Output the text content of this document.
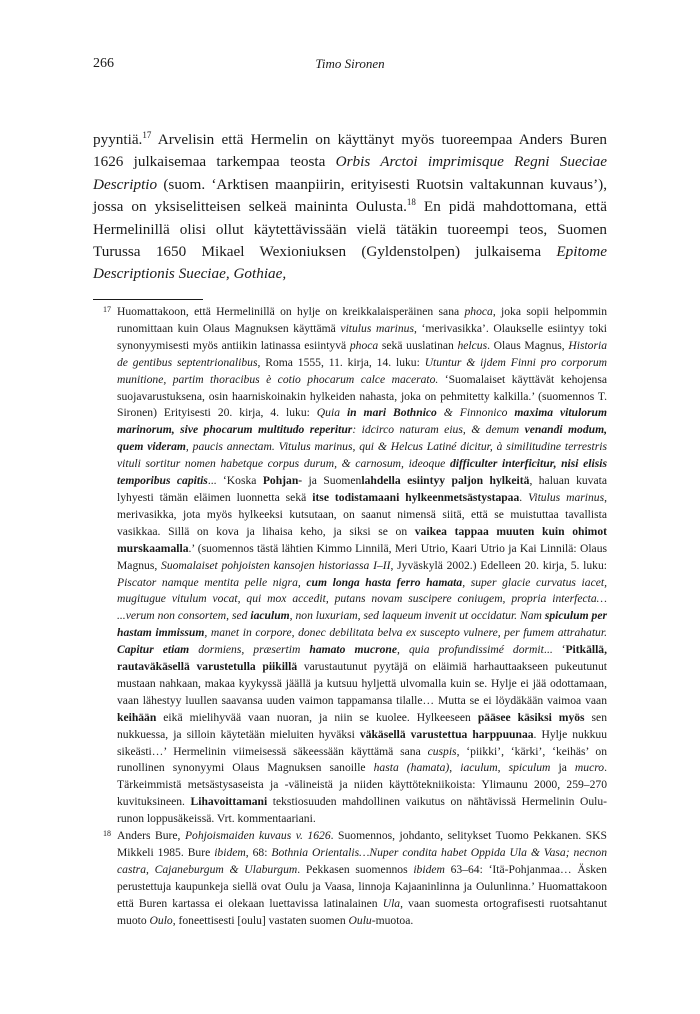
266	Timo Sironen

pyyntiä.$^{17}$ Arvelisin että Hermelin on käyttänyt myös tuoreempaa Anders Buren 1626 julkaisemaa tarkempaa teosta Orbis Arctoi imprimisque Regni Sueciae Descriptio (suom. ‘Arktisen maanpiirin, erityisesti Ruotsin valtakunnan kuvaus’), jossa on yksiselitteisen selkeä maininta Oulusta.$^{18}$ En pidä mahdottomana, että Hermelinillä olisi ollut käytettävissään vielä tätäkin tuoreempi teos, Suomen Turussa 1650 Mikael Wexioniuksen (Gyldenstolpen) julkaisema Epitome Descriptionis Sueciae, Gothiae,

17 Huomattakoon, että Hermelinillä on hylje on kreikkalaisperäinen sana phoca, joka sopii helpommin runomittaan kuin Olaus Magnuksen käyttämä vitulus marinus, ‘merivasikka’. Olaukselle esiintyy toki synonyymisesti myös antiikin latinassa esiintyvä phoca sekä uuslatinan helcus. Olaus Magnus, Historia de gentibus septentrionalibus, Roma 1555, 11. kirja, 14. luku: Utuntur & ijdem Finni pro corporum munitione, partim thoracibus è cotio phocarum calce macerato. ‘Suomalaiset käyttävät kehojensa suojavarustuksena, osin haarniskoinakin hylkeiden nahasta, joka on pehmitetty kalkilla.’ (suomennos T. Sironen) Erityisesti 20. kirja, 4. luku: Quia in mari Bothnico & Finnonico maxima vitulorum marinorum, sive phocarum multitudo reperitur: idcirco naturam eius, & demum venandi modum, quem videram, paucis annectam. Vitulus marinus, qui & Helcus Latiné dicitur, à similitudine terrestris vituli sortitur nomen habetque corpus durum, & carnosum, ideoque difficulter interficitur, nisi elisis temporibus capitis... ‘Koska Pohjan- ja Suomenlahdella esiintyy paljon hylkeitä, haluan kuvata lyhyesti tämän eläimen luonnetta sekä itse todistamaani hylkeenmetsästystapaa. Vitulus marinus, merivasikka, jota myös hylkeeksi kutsutaan, on saanut nimensä siitä, että se muistuttaa tavallista vasikkaa. Sillä on kova ja lihaisa keho, ja siksi se on vaikea tappaa muuten kuin ohimot murskaamalla.’ (suomennos tästä lähtien Kimmo Linnilä, Meri Utrio, Kaari Utrio ja Kai Linnilä: Olaus Magnus, Suomalaiset pohjoisten kansojen historiassa I–II, Jyväskylä 2002.) Edelleen 20. kirja, 5. luku: Piscator namque mentita pelle nigra, cum longa hasta ferro hamata, super glacie curvatus iacet, mugitugue vitulum vocat, qui mox accedit, putans novam suscipere coniugem, propria interfecta… ...verum non consortem, sed iaculum, non luxuriam, sed laqueum invenit ut occidatur. Nam spiculum per hastam immissum, manet in corpore, donec debilitata belva ex suscepto vulnere, per fumem attrahatur. Capitur etiam dormiens, præsertim hamato mucrone, quia profundissimé dormit... ‘Pitkällä, rautaväkäsellä varustetulla piikillä varustautunut pyytäjä on eläimiä harhauttaakseen pukeutunut mustaan nahkaan, makaa kyykyssä jäällä ja kutsuu hyljettä ulvomalla kuin se. Hylje ei jää odottamaan, vaan lähestyy luullen saavansa uuden vaimon tappamansa tilalle… Mutta se ei löydäkään vaimoa vaan keihään eikä mielihyvää vaan nuoran, ja niin se kuolee. Hylkeeseen pääsee käsiksi myös sen nukkuessa, ja silloin käytetään mieluiten hyväksi väkäsellä varustettua harppuunaa. Hylje nukkuu sikeästi…’ Hermelinin viimeisessä säkeessään käyttämä sana cuspis, ‘piikki’, ‘kärki’, ‘keihäs’ on runollinen synonyymi Olaus Magnuksen sanoille hasta (hamata), iaculum, spiculum ja mucro. Tärkeimmistä metsästysaseista ja -välineistä ja niiden käyttötekniikoista: Ylimaunu 2000, 259–270 kuvituksineen. Lihavoittamani tekstiosuuden mahdollinen vaikutus on nähtävissä Hermelinin Oulu-runon loppusäkeissä. Vrt. kommentaariani.

18 Anders Bure, Pohjoismaiden kuvaus v. 1626. Suomennos, johdanto, selitykset Tuomo Pekkanen. SKS Mikkeli 1985. Bure ibidem, 68: Bothnia Orientalis…Nuper condita habet Oppida Ula & Vasa; necnon castra, Cajaneburgum & Ulaburgum. Pekkasen suomennos ibidem 63–64: ‘Itä-Pohjanmaa… Äsken perustettuja kaupunkeja siellä ovat Oulu ja Vaasa, linnoja Kajaaninlinna ja Oulunlinna.’ Huomattakoon että Buren kartassa ei olekaan luettavissa latinalainen Ula, vaan suomesta ortografisesti ruotsahtanut muoto Oulo, foneettisesti [oulu] vastaten suomen Oulu-muotoa.
